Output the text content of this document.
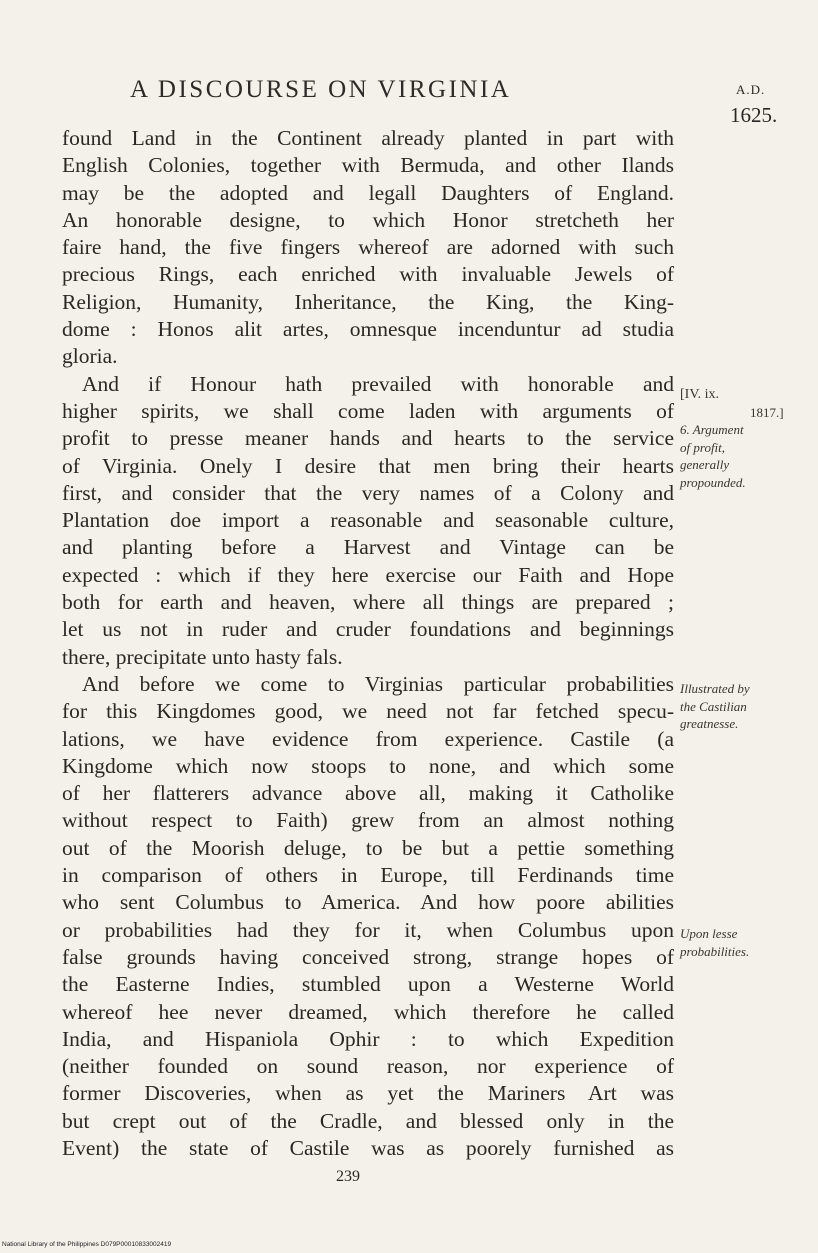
A DISCOURSE ON VIRGINIA	A.D.

1625.

found Land in the Continent already planted in part with
English Colonies, together with Bermuda, and other Ilands
may be the adopted and legall Daughters of England.
An honorable designe, to which Honor stretcheth her
faire hand, the five fingers whereof are adorned with such
precious Rings, each enriched with invaluable Jewels of
Religion, Humanity, Inheritance, the King, the King-
dome : Honos alit artes, omnesque incenduntur ad studia
gloria.
And if Honour hath prevailed with honorable and
higher spirits, we shall come laden with arguments of
profit to presse meaner hands and hearts to the service
of Virginia. Onely I desire that men bring their hearts
first, and consider that the very names of a Colony and
Plantation doe import a reasonable and seasonable culture,
and planting before a Harvest and Vintage can be
expected : which if they here exercise our Faith and Hope
both for earth and heaven, where all things are prepared ;
let us not in ruder and cruder foundations and beginnings
there, precipitate unto hasty fals.
And before we come to Virginias particular probabilities
for this Kingdomes good, we need not far fetched specu-
lations, we have evidence from experience. Castile (a
Kingdome which now stoops to none, and which some
of her flatterers advance above all, making it Catholike
without respect to Faith) grew from an almost nothing
out of the Moorish deluge, to be but a pettie something
in comparison of others in Europe, till Ferdinands time
who sent Columbus to America. And how poore abilities
or probabilities had they for it, when Columbus upon
false grounds having conceived strong, strange hopes of
the Easterne Indies, stumbled upon a Westerne World
whereof hee never dreamed, which therefore he called
India, and Hispaniola Ophir : to which Expedition
(neither founded on sound reason, nor experience of
former Discoveries, when as yet the Mariners Art was
but crept out of the Cradle, and blessed only in the
Event) the state of Castile was as poorely furnished as
[IV. ix.
1817.]
6. Argument
of profit,
generally
propounded.
Illustrated by
the Castilian
greatnesse.
Upon lesse
probabilities.

239

National Library of the Philippines D079P00010833002419
